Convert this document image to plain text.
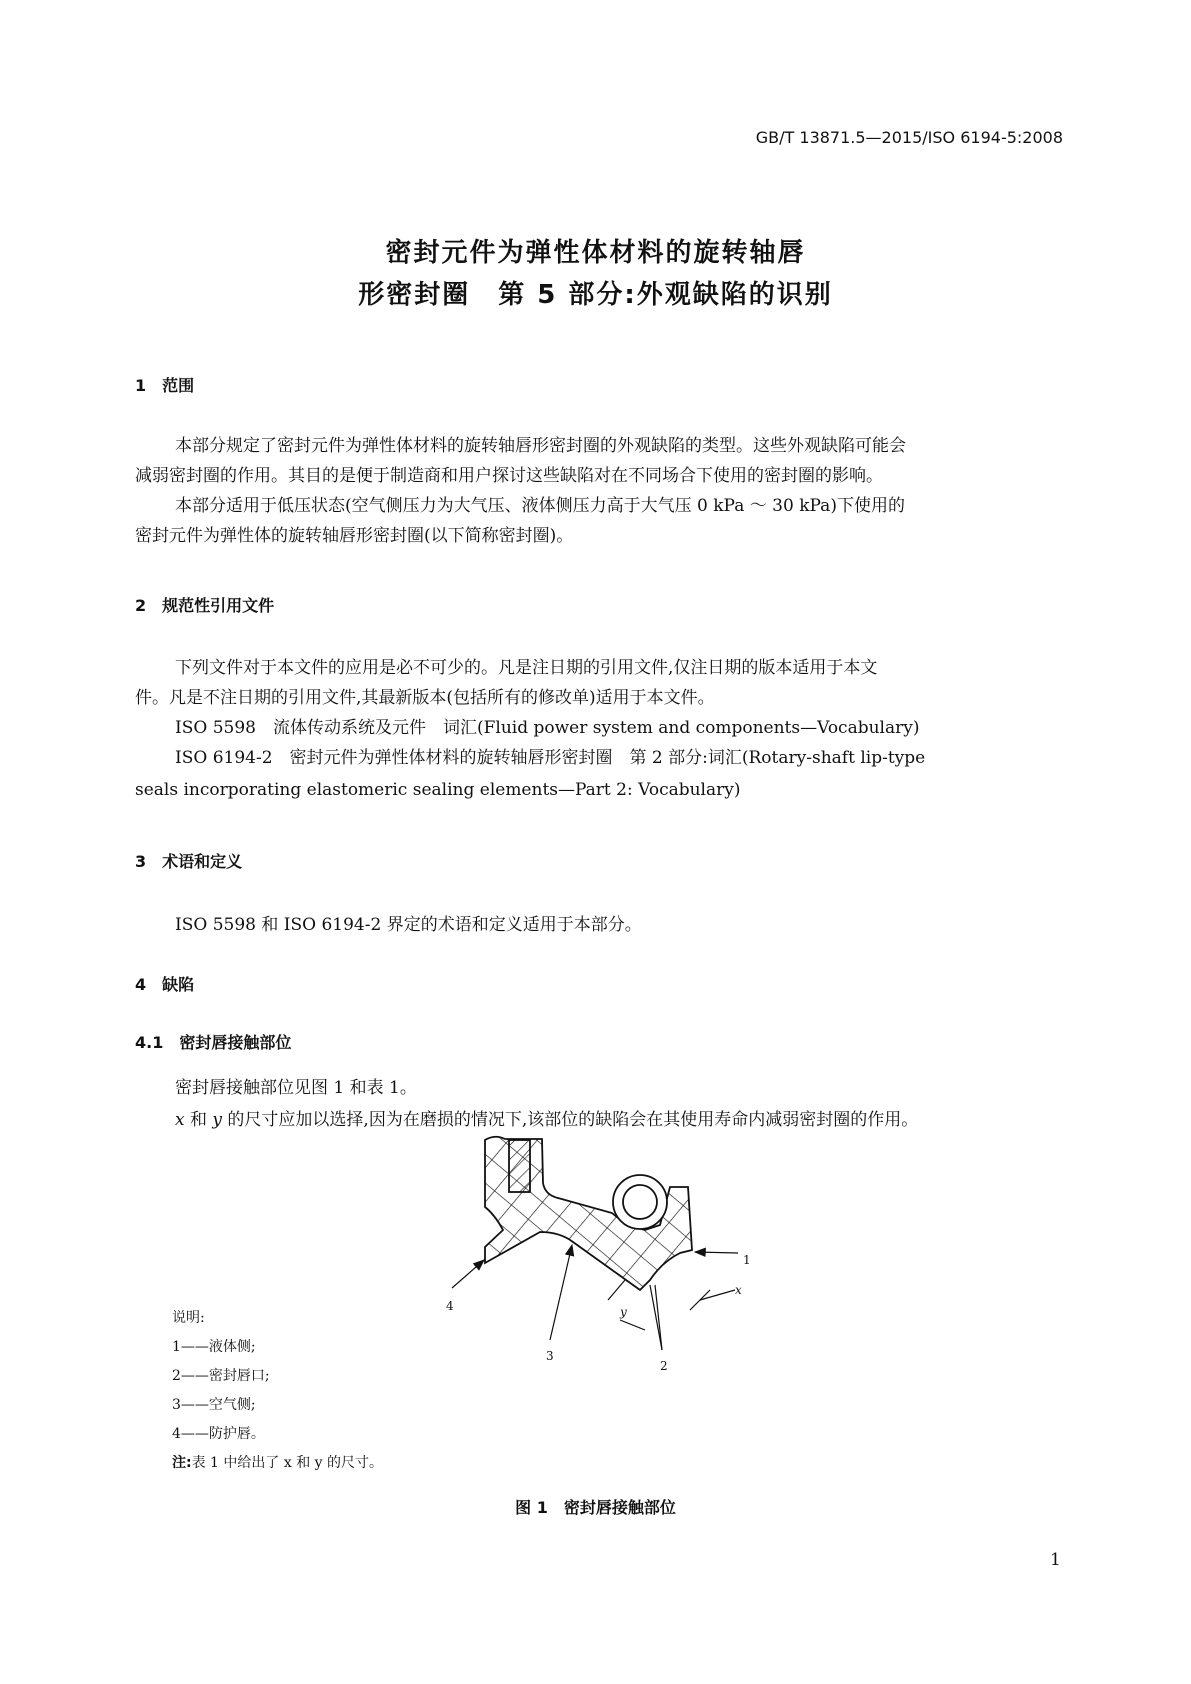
GB/T 13871.5—2015/ISO 6194-5:2008
密封元件为弹性体材料的旋转轴唇
形密封圈　第 5 部分:外观缺陷的识别
1　范围
本部分规定了密封元件为弹性体材料的旋转轴唇形密封圈的外观缺陷的类型。这些外观缺陷可能会
减弱密封圈的作用。其目的是便于制造商和用户探讨这些缺陷对在不同场合下使用的密封圈的影响。
本部分适用于低压状态(空气侧压力为大气压、液体侧压力高于大气压 0 kPa ～ 30 kPa)下使用的
密封元件为弹性体的旋转轴唇形密封圈(以下简称密封圈)。
2　规范性引用文件
下列文件对于本文件的应用是必不可少的。凡是注日期的引用文件,仅注日期的版本适用于本文
件。凡是不注日期的引用文件,其最新版本(包括所有的修改单)适用于本文件。
ISO 5598　流体传动系统及元件　词汇(Fluid power system and components—Vocabulary)
ISO 6194-2　密封元件为弹性体材料的旋转轴唇形密封圈　第 2 部分:词汇(Rotary-shaft lip-type
seals incorporating elastomeric sealing elements—Part 2: Vocabulary)
3　术语和定义
ISO 5598 和 ISO 6194-2 界定的术语和定义适用于本部分。
4　缺陷
4.1　密封唇接触部位
密封唇接触部位见图 1 和表 1。
x 和 y 的尺寸应加以选择,因为在磨损的情况下,该部位的缺陷会在其使用寿命内减弱密封圈的作用。
1
4
3
2
x
y
说明:
1——液体侧;
2——密封唇口;
3——空气侧;
4——防护唇。
注:表 1 中给出了 x 和 y 的尺寸。
图 1　密封唇接触部位
1
